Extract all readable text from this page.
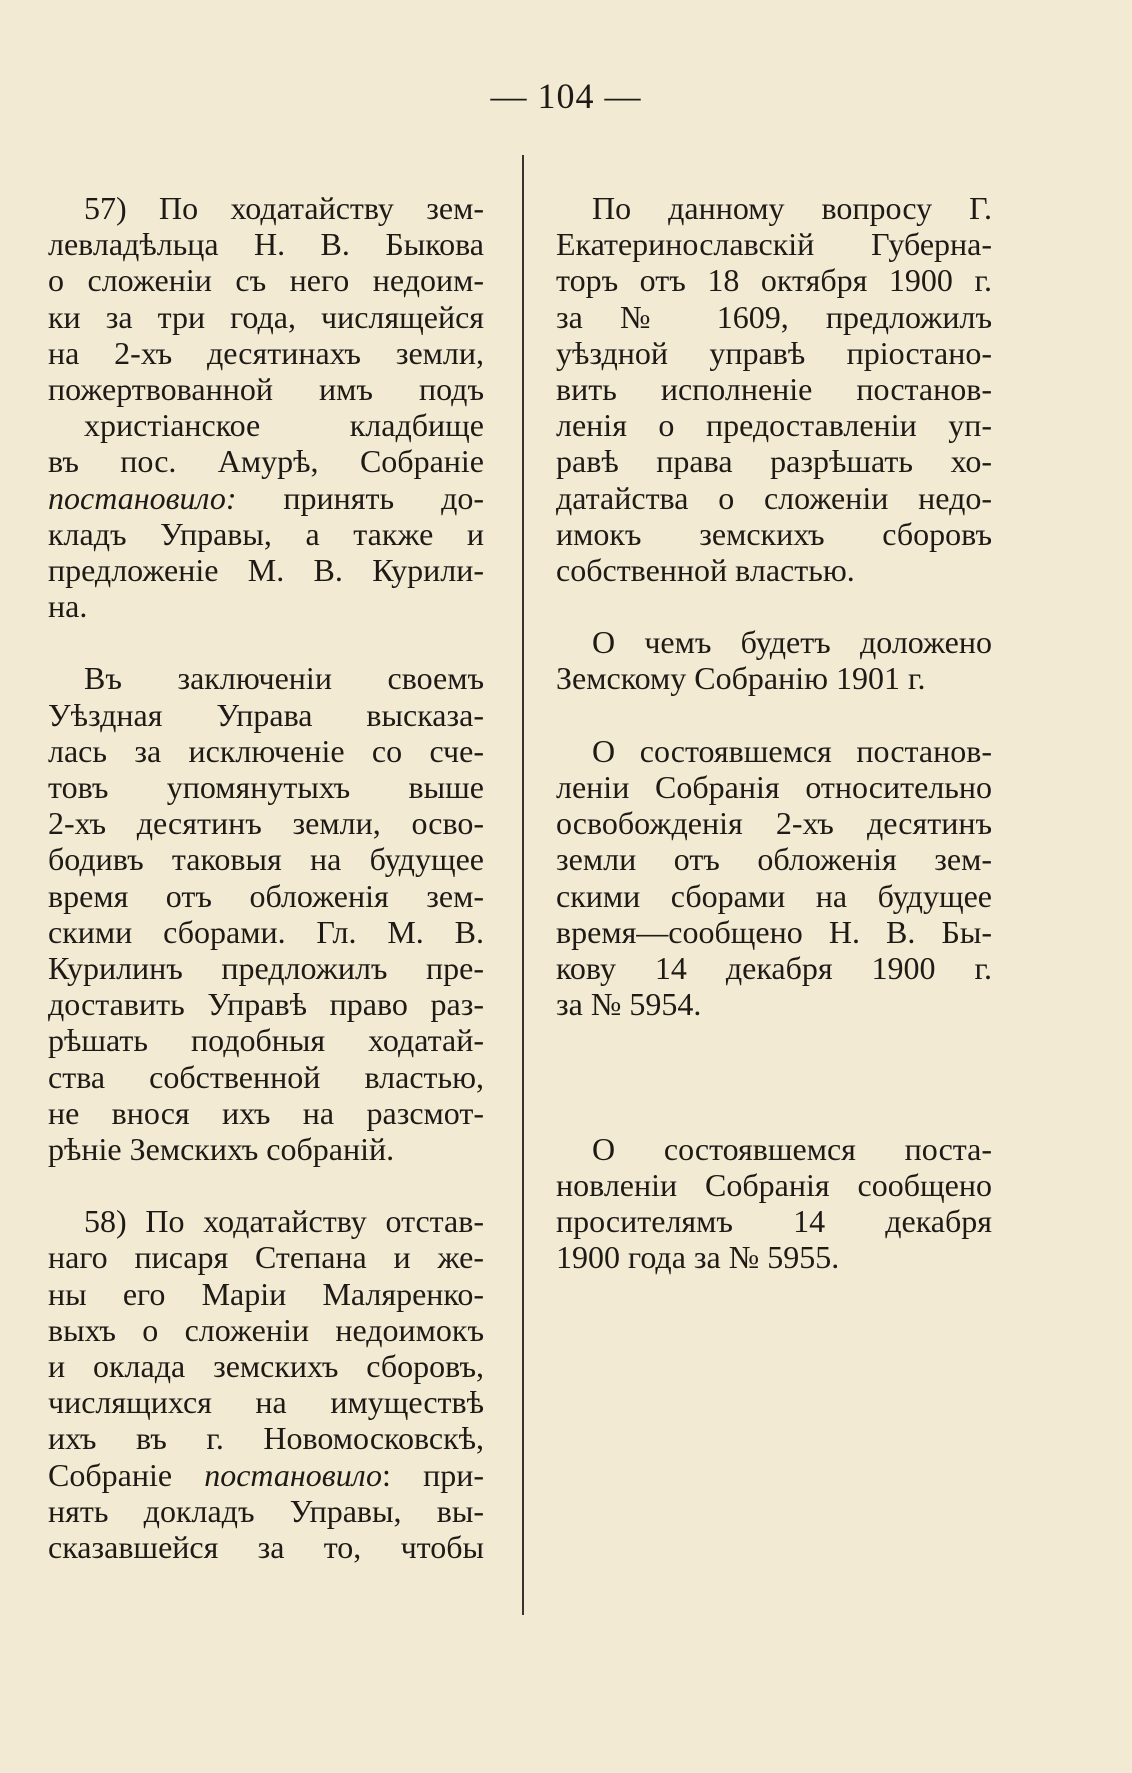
— 104 —

57) По ходатайству зем-

левладѣльца Н. В. Быкова

о сложеніи съ него недоим-

ки за три года, числящейся

на 2-хъ десятинахъ земли,

пожертвованной имъ подъ

христіанское кладбище

въ пос. Амурѣ, Собраніе

постановило: принять до-

кладъ Управы, а также и

предложеніе М. В. Курили-

на.

Въ заключеніи своемъ

Уѣздная Управа высказа-

лась за исключеніе со сче-

товъ упомянутыхъ выше

2-хъ десятинъ земли, осво-

бодивъ таковыя на будущее

время отъ обложенія зем-

скими сборами. Гл. М. В.

Курилинъ предложилъ пре-

доставить Управѣ право раз-

рѣшать подобныя ходатай-

ства собственной властью,

не внося ихъ на разсмот-

рѣніе Земскихъ собраній.

58) По ходатайству отстав-

наго писаря Степана и же-

ны его Маріи Маляренко-

выхъ о сложеніи недоимокъ

и оклада земскихъ сборовъ,

числящихся на имуществѣ

ихъ въ г. Новомосковскѣ,

Собраніе постановило: при-

нять докладъ Управы, вы-

сказавшейся за то, чтобы

По данному вопросу Г.

Екатеринославскій Губерна-

торъ отъ 18 октября 1900 г.

за № 1609, предложилъ

уѣздной управѣ пріостано-

вить исполненіе постанов-

ленія о предоставленіи уп-

равѣ права разрѣшать хо-

датайства о сложеніи недо-

имокъ земскихъ сборовъ

собственной властью.

О чемъ будетъ доложено

Земскому Собранію 1901 г.

О состоявшемся постанов-

леніи Собранія относительно

освобожденія 2-хъ десятинъ

земли отъ обложенія зем-

скими сборами на будущее

время—сообщено Н. В. Бы-

кову 14 декабря 1900 г.

за № 5954.

О состоявшемся поста-

новленіи Собранія сообщено

просителямъ 14 декабря

1900 года за № 5955.
